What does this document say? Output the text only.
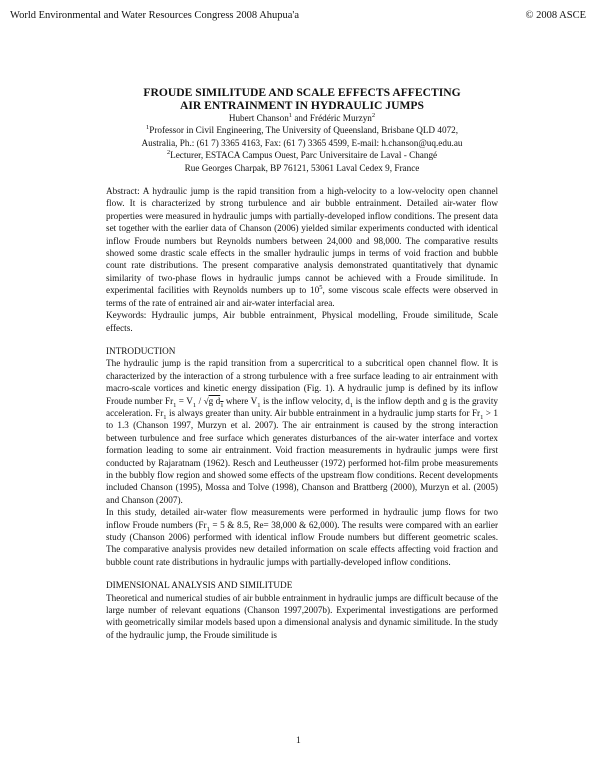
World Environmental and Water Resources Congress 2008 Ahupua'a	© 2008 ASCE

FROUDE SIMILITUDE AND SCALE EFFECTS AFFECTING
AIR ENTRAINMENT IN HYDRAULIC JUMPS

Hubert Chanson$^1$ and Frédéric Murzyn$^2$

$^1$Professor in Civil Engineering, The University of Queensland, Brisbane QLD 4072,
Australia, Ph.: (61 7) 3365 4163, Fax: (61 7) 3365 4599, E-mail: h.chanson@uq.edu.au

$^2$Lecturer, ESTACA Campus Ouest, Parc Universitaire de Laval - Changé
Rue Georges Charpak, BP 76121, 53061 Laval Cedex 9, France

Abstract: A hydraulic jump is the rapid transition from a high-velocity to a low-velocity open channel flow. It is characterized by strong turbulence and air bubble entrainment. Detailed air-water flow properties were measured in hydraulic jumps with partially-developed inflow conditions. The present data set together with the earlier data of Chanson (2006) yielded similar experiments conducted with identical inflow Froude numbers but Reynolds numbers between 24,000 and 98,000. The comparative results showed some drastic scale effects in the smaller hydraulic jumps in terms of void fraction and bubble count rate distributions. The present comparative analysis demonstrated quantitatively that dynamic similarity of two-phase flows in hydraulic jumps cannot be achieved with a Froude similitude. In experimental facilities with Reynolds numbers up to $10^5$, some viscous scale effects were observed in terms of the rate of entrained air and air-water interfacial area.

Keywords: Hydraulic jumps, Air bubble entrainment, Physical modelling, Froude similitude, Scale effects.

INTRODUCTION

The hydraulic jump is the rapid transition from a supercritical to a subcritical open channel flow. It is characterized by the interaction of a strong turbulence with a free surface leading to air entrainment with macro-scale vortices and kinetic energy dissipation (Fig. 1). A hydraulic jump is defined by its inflow Froude number $Fr_1 = V_1 / √g$ $d_1$ where $V_1$ is the inflow velocity, $d_1$ is the inflow depth and g is the gravity acceleration. $Fr_1$ is always greater than unity. Air bubble entrainment in a hydraulic jump starts for $Fr_1 > 1$ to 1.3 (Chanson 1997, Murzyn et al. 2007). The air entrainment is caused by the strong interaction between turbulence and free surface which generates disturbances of the air-water interface and vortex formation leading to some air entrainment. Void fraction measurements in hydraulic jumps were first conducted by Rajaratnam (1962). Resch and Leutheusser (1972) performed hot-film probe measurements in the bubbly flow region and showed some effects of the upstream flow conditions. Recent developments included Chanson (1995), Mossa and Tolve (1998), Chanson and Brattberg (2000), Murzyn et al. (2005) and Chanson (2007).

In this study, detailed air-water flow measurements were performed in hydraulic jump flows for two inflow Froude numbers ($Fr_1 = 5$ & 8.5, Re= 38,000 & 62,000). The results were compared with an earlier study (Chanson 2006) performed with identical inflow Froude numbers but different geometric scales. The comparative analysis provides new detailed information on scale effects affecting void fraction and bubble count rate distributions in hydraulic jumps with partially-developed inflow conditions.

DIMENSIONAL ANALYSIS AND SIMILITUDE

Theoretical and numerical studies of air bubble entrainment in hydraulic jumps are difficult because of the large number of relevant equations (Chanson 1997,2007b). Experimental investigations are performed with geometrically similar models based upon a dimensional analysis and dynamic similitude. In the study of the hydraulic jump, the Froude similitude is

1
